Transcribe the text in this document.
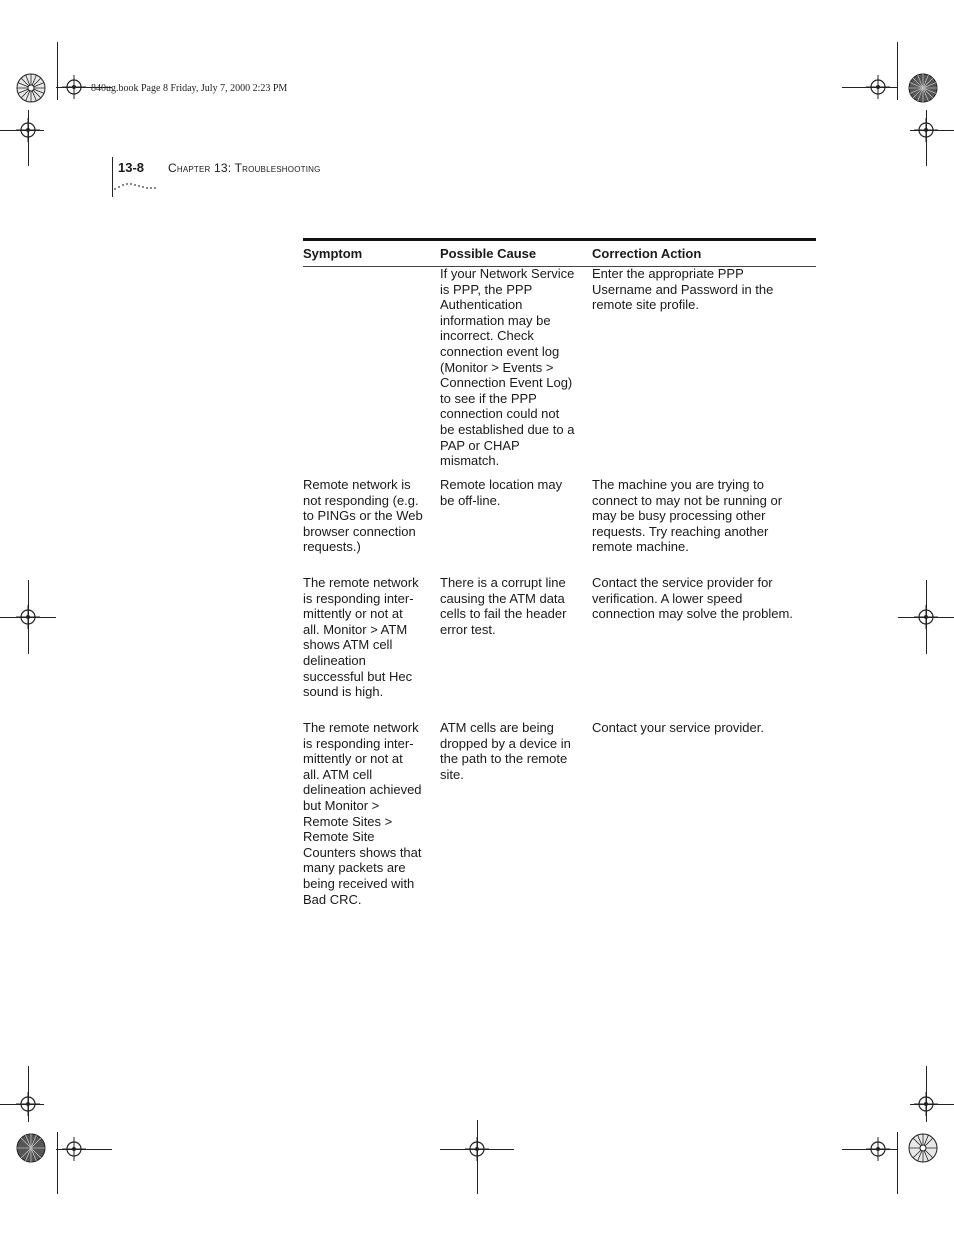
840ug.book Page 8 Friday, July 7, 2000 2:23 PM
13-8 Chapter 13: Troubleshooting
Symptom	Possible Cause	Correction Action
If your Network Service
is PPP, the PPP
Authentication
information may be
incorrect. Check
connection event log
(Monitor > Events >
Connection Event Log)
to see if the PPP
connection could not
be established due to a
PAP or CHAP
mismatch.
Enter the appropriate PPP
Username and Password in the
remote site profile.
Remote network is
not responding (e.g.
to PINGs or the Web
browser connection
requests.)
Remote location may
be off-line.
The machine you are trying to
connect to may not be running or
may be busy processing other
requests. Try reaching another
remote machine.
The remote network
is responding inter-
mittently or not at
all. Monitor > ATM
shows ATM cell
delineation
successful but Hec
sound is high.
There is a corrupt line
causing the ATM data
cells to fail the header
error test.
Contact the service provider for
verification. A lower speed
connection may solve the problem.
The remote network
is responding inter-
mittently or not at
all. ATM cell
delineation achieved
but Monitor >
Remote Sites >
Remote Site
Counters shows that
many packets are
being received with
Bad CRC.
ATM cells are being
dropped by a device in
the path to the remote
site.
Contact your service provider.
